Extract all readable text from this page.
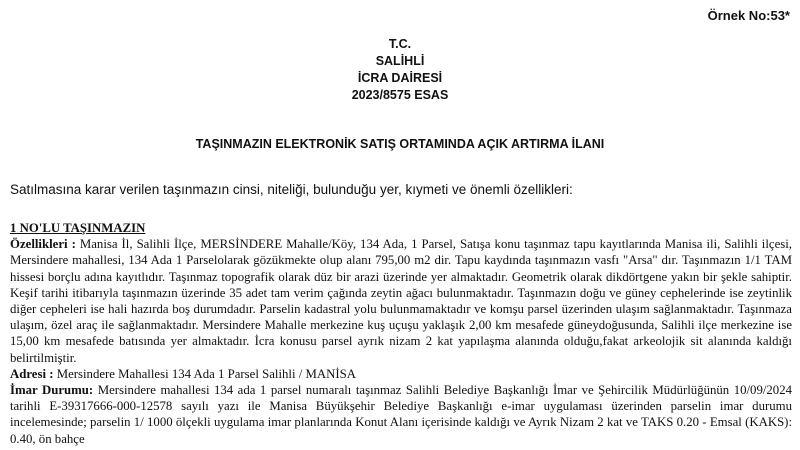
Örnek No:53*
T.C.
SALİHLİ
İCRA DAİRESİ
2023/8575 ESAS
TAŞINMAZIN ELEKTRONİK SATIŞ ORTAMINDA AÇIK ARTIRMA İLANI
Satılmasına karar verilen taşınmazın cinsi, niteliği, bulunduğu yer, kıymeti ve önemli özellikleri:

1 NO'LU TAŞINMAZIN

Özellikleri : Manisa İl, Salihli İlçe, MERSİNDERE Mahalle/Köy, 134 Ada, 1 Parsel, Satışa konu taşınmaz tapu kayıtlarında Manisa ili, Salihli ilçesi, Mersindere mahallesi, 134 Ada 1 Parselolarak gözükmekte olup alanı 795,00 m2 dir. Tapu kaydında taşınmazın vasfı "Arsa" dır. Taşınmazın 1/1 TAM hissesi borçlu adına kayıtlıdır. Taşınmaz topografik olarak düz bir arazi üzerinde yer almaktadır. Geometrik olarak dikdörtgene yakın bir şekle sahiptir. Keşif tarihi itibarıyla taşınmazın üzerinde 35 adet tam verim çağında zeytin ağacı bulunmaktadır. Taşınmazın doğu ve güney cephelerinde ise zeytinlik diğer cepheleri ise hali hazırda boş durumdadır. Parselin kadastral yolu bulunmamaktadır ve komşu parsel üzerinden ulaşım sağlanmaktadır. Taşınmaza ulaşım, özel araç ile sağlanmaktadır. Mersindere Mahalle merkezine kuş uçuşu yaklaşık 2,00 km mesafede güneydoğusunda, Salihli ilçe merkezine ise 15,00 km mesafede batısında yer almaktadır. İcra konusu parsel ayrık nizam 2 kat yapılaşma alanında olduğu,fakat arkeolojik sit alanında kaldığı belirtilmiştir.

Adresi : Mersindere Mahallesi 134 Ada 1 Parsel Salihli / MANİSA

İmar Durumu: Mersindere mahallesi 134 ada 1 parsel numaralı taşınmaz Salihli Belediye Başkanlığı İmar ve Şehircilik Müdürlüğünün 10/09/2024 tarihli E-39317666-000-12578 sayılı yazı ile Manisa Büyükşehir Belediye Başkanlığı e-imar uygulaması üzerinden parselin imar durumu incelemesinde; parselin 1/ 1000 ölçekli uygulama imar planlarında Konut Alanı içerisinde kaldığı ve Ayrık Nizam 2 kat ve TAKS 0.20 - Emsal (KAKS): 0.40, ön bahçe
